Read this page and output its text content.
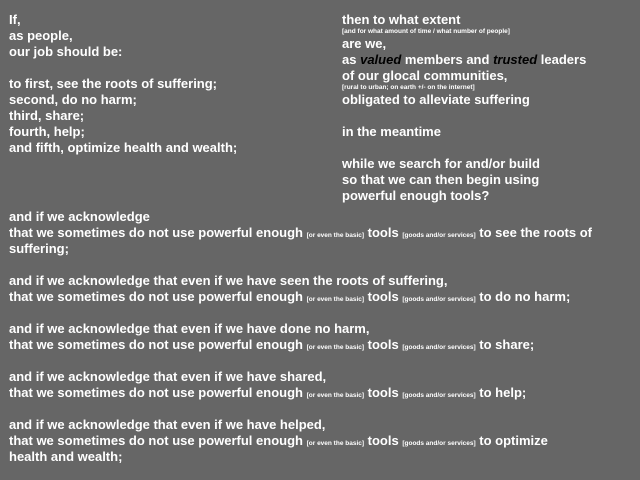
If,
as people,
our job should be:
to first, see the roots of suffering;
second, do no harm;
third, share;
fourth, help;
and fifth, optimize health and wealth;
then to what extent
[and for what amount of time / what number of people]
are we,
as valued members and trusted leaders
of our glocal communities,
[rural to urban; on earth +/- on the internet]
obligated to alleviate suffering
in the meantime
while we search for and/or build
so that we can then begin using
powerful enough tools?
and if we acknowledge
that we sometimes do not use powerful enough [or even the basic] tools [goods and/or services] to see the roots of
suffering;
and if we acknowledge that even if we have seen the roots of suffering,
that we sometimes do not use powerful enough [or even the basic] tools [goods and/or services] to do no harm;
and if we acknowledge that even if we have done no harm,
that we sometimes do not use powerful enough [or even the basic] tools [goods and/or services] to share;
and if we acknowledge that even if we have shared,
that we sometimes do not use powerful enough [or even the basic] tools [goods and/or services] to help;
and if we acknowledge that even if we have helped,
that we sometimes do not use powerful enough [or even the basic] tools [goods and/or services] to optimize
health and wealth;
